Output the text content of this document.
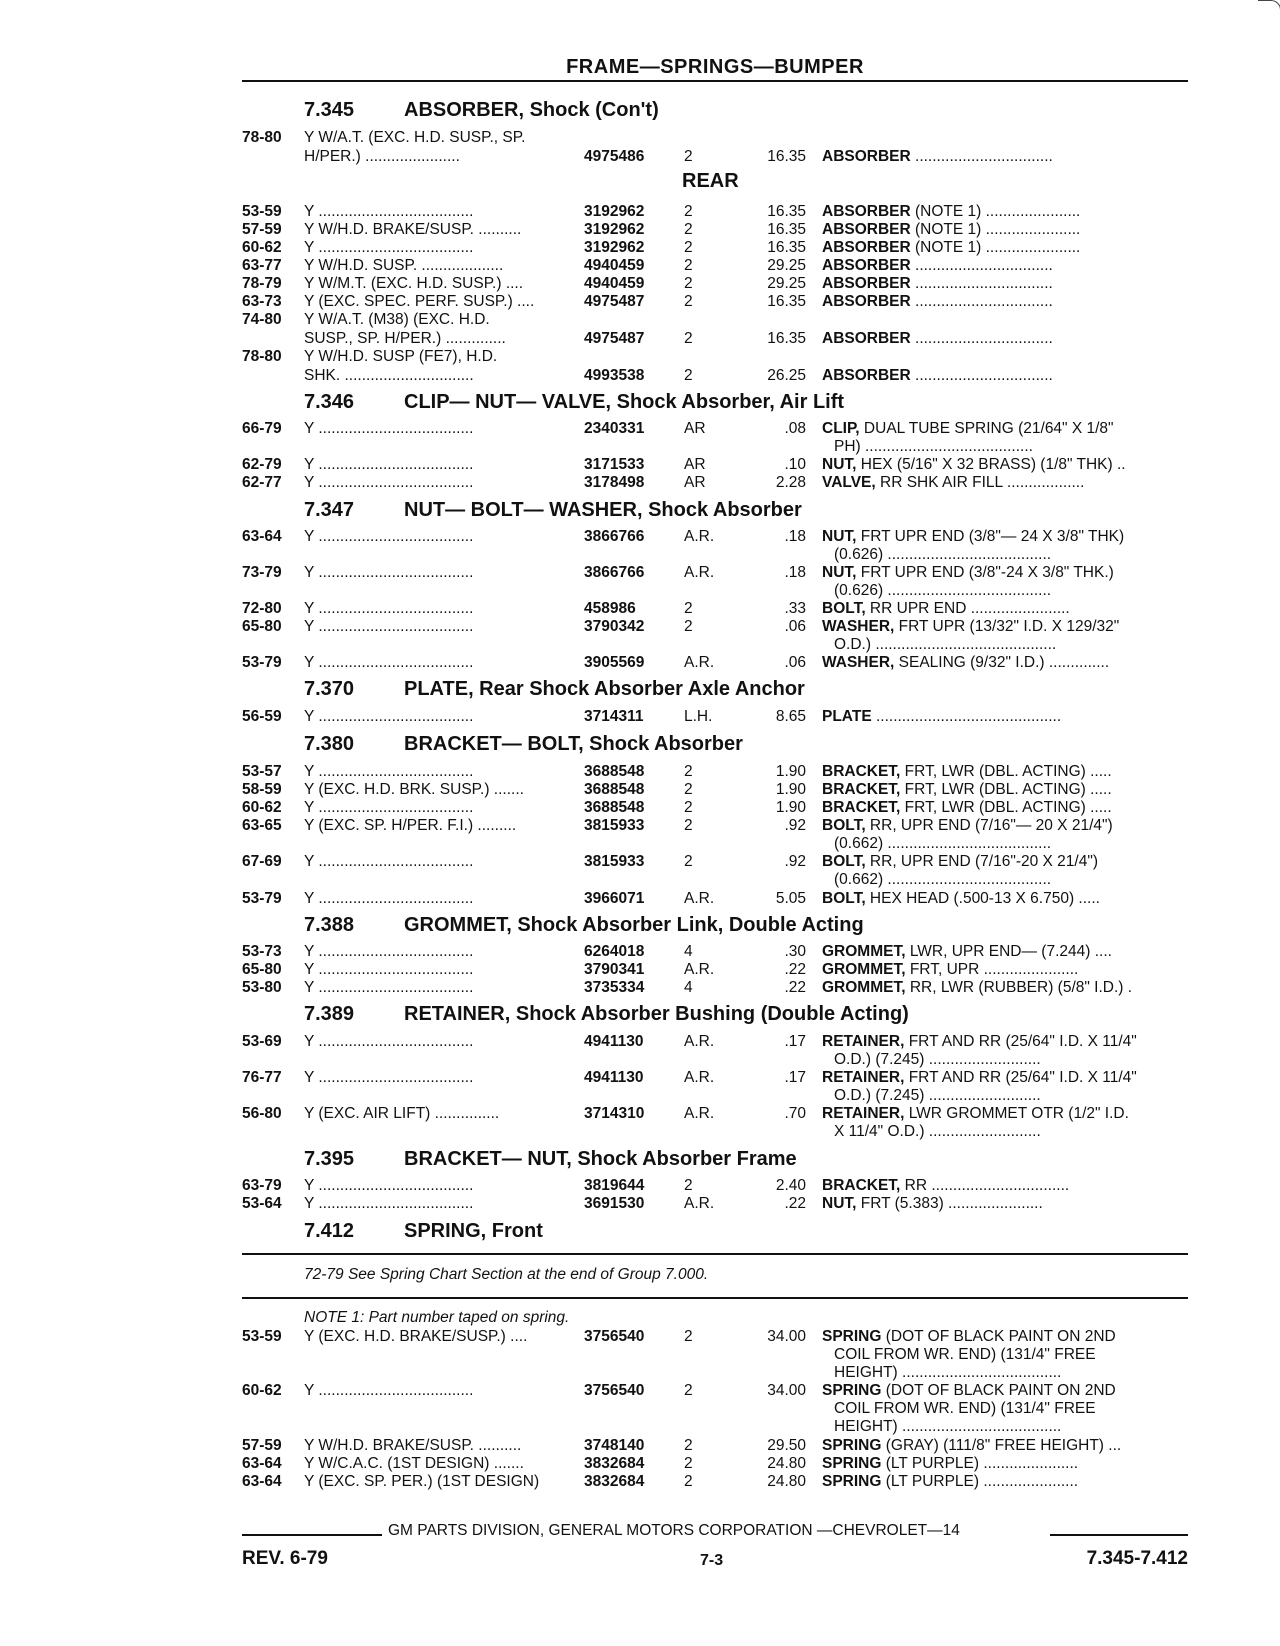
FRAME—SPRINGS—BUMPER
7.345 ABSORBER, Shock (Con't)
78-80 Y W/A.T. (EXC. H.D. SUSP., SP.
H/PER.) ......................	4975486	2	16.35 ABSORBER ................................
REAR
53-59 Y ....................................	3192962	2	16.35 ABSORBER (NOTE 1) ......................
57-59 Y W/H.D. BRAKE/SUSP. ..........	3192962	2	16.35 ABSORBER (NOTE 1) ......................
60-62 Y ....................................	3192962	2	16.35 ABSORBER (NOTE 1) ......................
63-77 Y W/H.D. SUSP. ...................	4940459	2	29.25 ABSORBER ................................
78-79 Y W/M.T. (EXC. H.D. SUSP.) ....	4940459	2	29.25 ABSORBER ................................
63-73 Y (EXC. SPEC. PERF. SUSP.) ....	4975487	2	16.35 ABSORBER ................................
74-80 Y W/A.T. (M38) (EXC. H.D.
SUSP., SP. H/PER.) ..............	4975487	2	16.35 ABSORBER ................................
78-80 Y W/H.D. SUSP (FE7), H.D.
SHK. ..............................	4993538	2	26.25 ABSORBER ................................
7.346 CLIP— NUT— VALVE, Shock Absorber, Air Lift
66-79 Y ....................................	2340331	AR	.08 CLIP, DUAL TUBE SPRING (21/64" X 1/8"
PH) .......................................
62-79 Y ....................................	3171533	AR	.10 NUT, HEX (5/16" X 32 BRASS) (1/8" THK) ..
62-77 Y ....................................	3178498	AR	2.28 VALVE, RR SHK AIR FILL ..................
7.347 NUT— BOLT— WASHER, Shock Absorber
63-64 Y ....................................	3866766	A.R.	.18 NUT, FRT UPR END (3/8"— 24 X 3/8" THK)
(0.626) ......................................
73-79 Y ....................................	3866766	A.R.	.18 NUT, FRT UPR END (3/8"-24 X 3/8" THK.)
(0.626) ......................................
72-80 Y ....................................	458986	2	.33 BOLT, RR UPR END .......................
65-80 Y ....................................	3790342	2	.06 WASHER, FRT UPR (13/32" I.D. X 129/32"
O.D.) ..........................................
53-79 Y ....................................	3905569	A.R.	.06 WASHER, SEALING (9/32" I.D.) ..............
7.370 PLATE, Rear Shock Absorber Axle Anchor
56-59 Y ....................................	3714311	L.H.	8.65 PLATE ...........................................
7.380 BRACKET— BOLT, Shock Absorber
53-57 Y ....................................	3688548	2	1.90 BRACKET, FRT, LWR (DBL. ACTING) .....
58-59 Y (EXC. H.D. BRK. SUSP.) .......	3688548	2	1.90 BRACKET, FRT, LWR (DBL. ACTING) .....
60-62 Y ....................................	3688548	2	1.90 BRACKET, FRT, LWR (DBL. ACTING) .....
63-65 Y (EXC. SP. H/PER. F.I.) .........	3815933	2	.92 BOLT, RR, UPR END (7/16"— 20 X 21/4")
(0.662) ......................................
67-69 Y ....................................	3815933	2	.92 BOLT, RR, UPR END (7/16"-20 X 21/4")
(0.662) ......................................
53-79 Y ....................................	3966071	A.R.	5.05 BOLT, HEX HEAD (.500-13 X 6.750) .....
7.388 GROMMET, Shock Absorber Link, Double Acting
53-73 Y ....................................	6264018	4	.30 GROMMET, LWR, UPR END— (7.244) ....
65-80 Y ....................................	3790341	A.R.	.22 GROMMET, FRT, UPR ......................
53-80 Y ....................................	3735334	4	.22 GROMMET, RR, LWR (RUBBER) (5/8" I.D.) .
7.389 RETAINER, Shock Absorber Bushing (Double Acting)
53-69 Y ....................................	4941130	A.R.	.17 RETAINER, FRT AND RR (25/64" I.D. X 11/4"
O.D.) (7.245) ..........................
76-77 Y ....................................	4941130	A.R.	.17 RETAINER, FRT AND RR (25/64" I.D. X 11/4"
O.D.) (7.245) ..........................
56-80 Y (EXC. AIR LIFT) ...............	3714310	A.R.	.70 RETAINER, LWR GROMMET OTR (1/2" I.D.
X 11/4" O.D.) ..........................
7.395 BRACKET— NUT, Shock Absorber Frame
63-79 Y ....................................	3819644	2	2.40 BRACKET, RR ................................
53-64 Y ....................................	3691530	A.R.	.22 NUT, FRT (5.383) ......................
7.412 SPRING, Front
72-79 See Spring Chart Section at the end of Group 7.000.
NOTE 1: Part number taped on spring.
53-59 Y (EXC. H.D. BRAKE/SUSP.) ....	3756540	2	34.00 SPRING (DOT OF BLACK PAINT ON 2ND
COIL FROM WR. END) (131/4" FREE
HEIGHT) .....................................
60-62 Y ....................................	3756540	2	34.00 SPRING (DOT OF BLACK PAINT ON 2ND
COIL FROM WR. END) (131/4" FREE
HEIGHT) .....................................
57-59 Y W/H.D. BRAKE/SUSP. ..........	3748140	2	29.50 SPRING (GRAY) (111/8" FREE HEIGHT) ...
63-64 Y W/C.A.C. (1ST DESIGN) .......	3832684	2	24.80 SPRING (LT PURPLE) ......................
63-64 Y (EXC. SP. PER.) (1ST DESIGN)	3832684	2	24.80 SPRING (LT PURPLE) ......................
GM PARTS DIVISION, GENERAL MOTORS CORPORATION —CHEVROLET—14
REV. 6-79	7-3	7.345-7.412
